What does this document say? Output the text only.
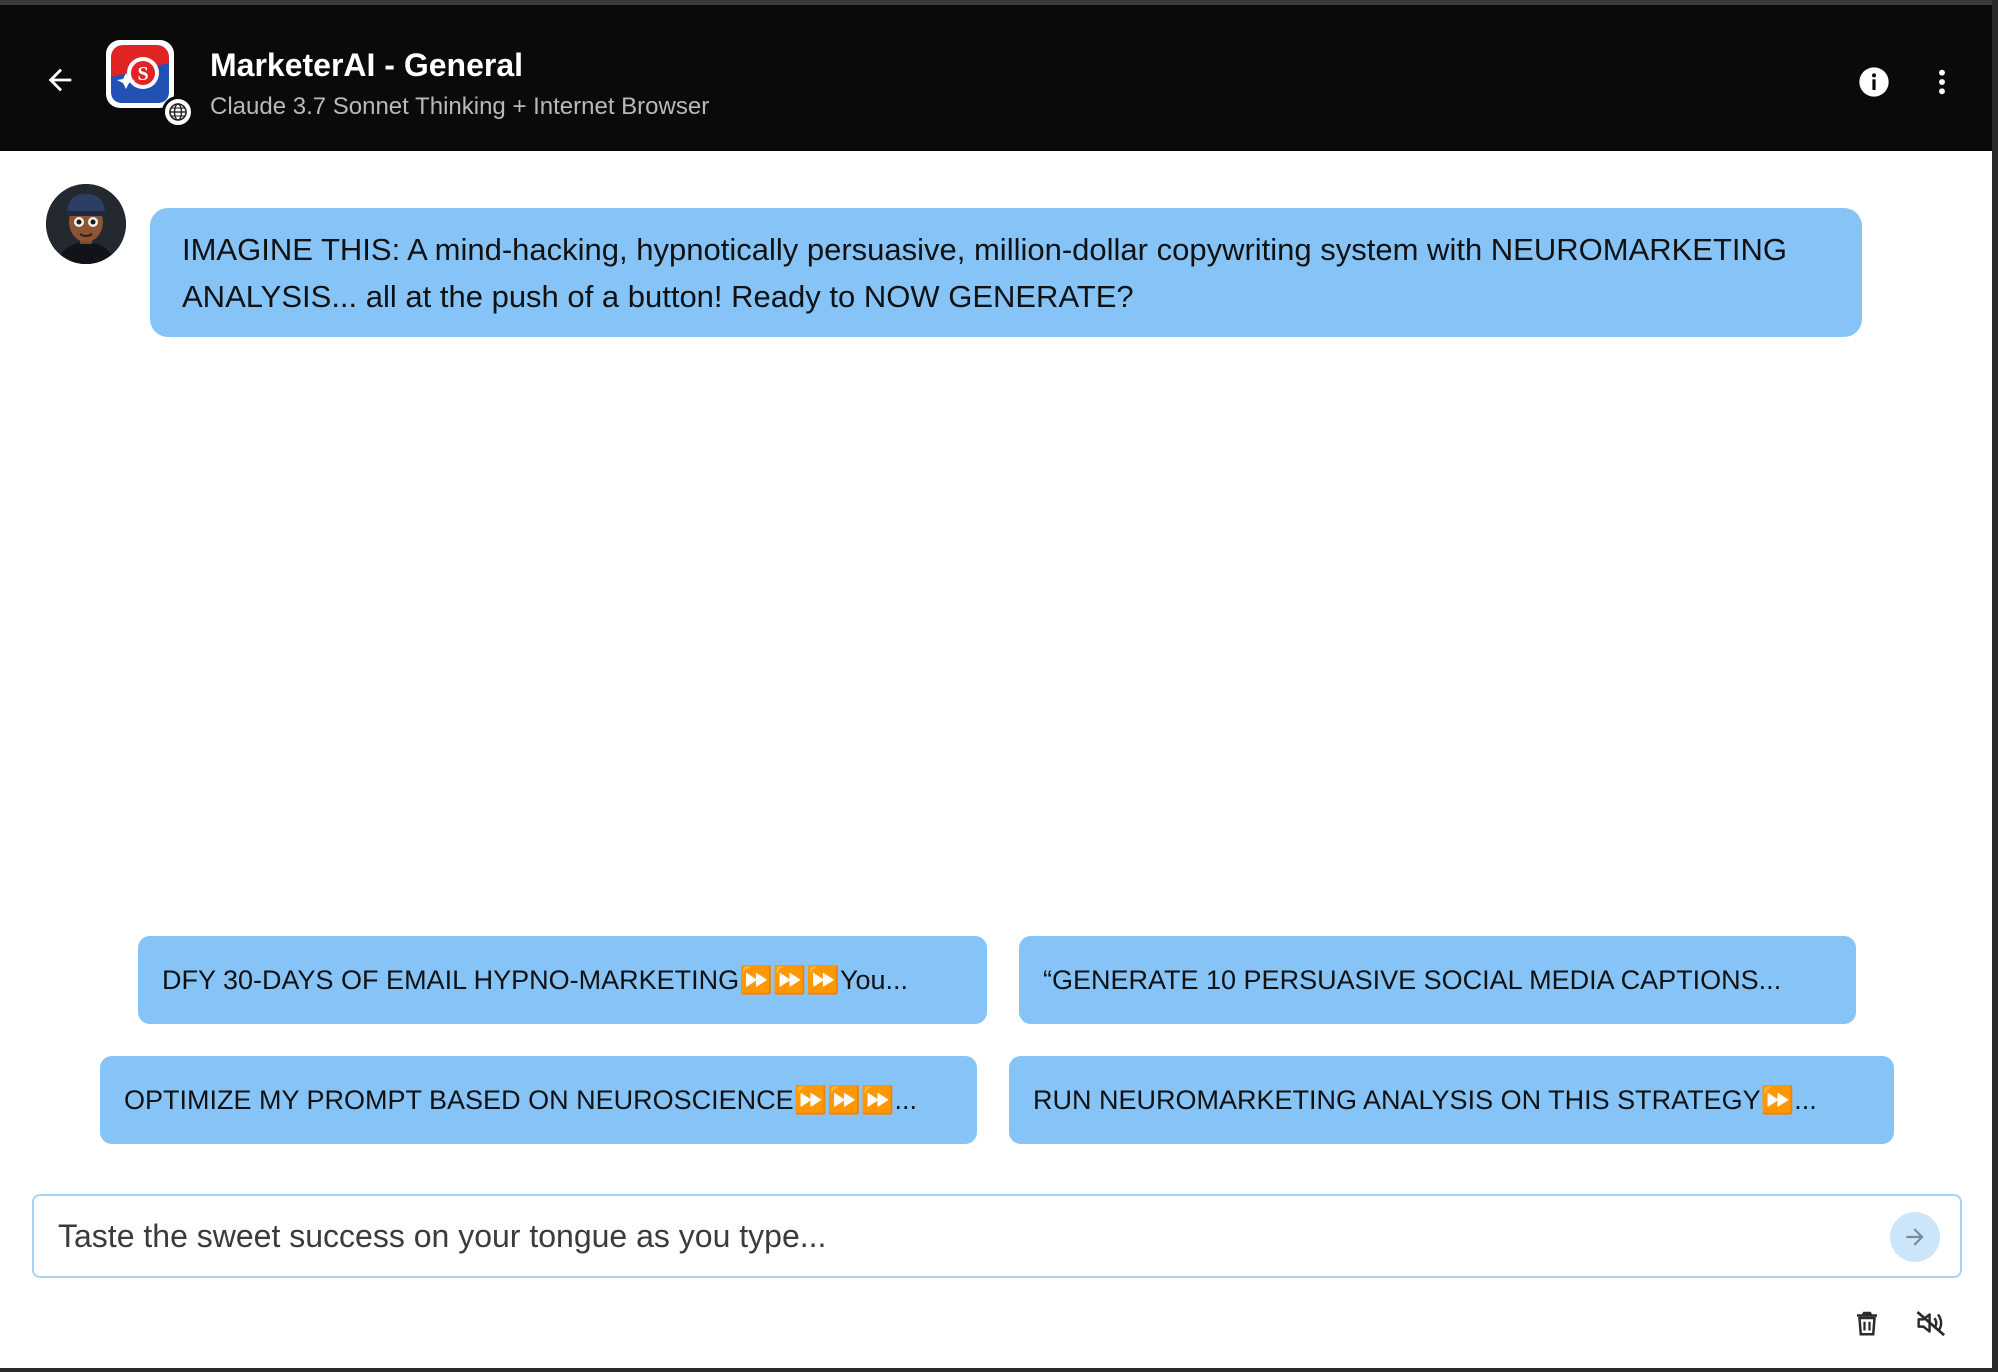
S MarketerAI - General
Claude 3.7 Sonnet Thinking + Internet Browser
IMAGINE THIS: A mind-hacking, hypnotically persuasive, million-dollar copywriting system with NEUROMARKETING ANALYSIS... all at the push of a button! Ready to NOW GENERATE?
DFY 30-DAYS OF EMAIL HYPNO-MARKETING⏩⏩⏩You...	“GENERATE 10 PERSUASIVE SOCIAL MEDIA CAPTIONS...
OPTIMIZE MY PROMPT BASED ON NEUROSCIENCE⏩⏩⏩...	RUN NEUROMARKETING ANALYSIS ON THIS STRATEGY⏩...
Taste the sweet success on your tongue as you type...
